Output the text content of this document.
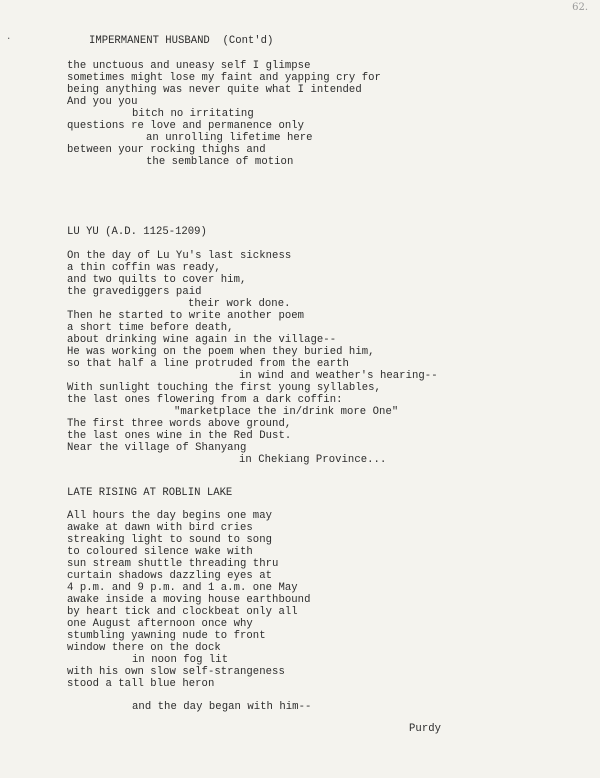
62.
·	IMPERMANENT HUSBAND  (Cont'd)
the unctuous and uneasy self I glimpse
sometimes might lose my faint and yapping cry for
being anything was never quite what I intended
And you you
bitch no irritating
questions re love and permanence only
an unrolling lifetime here
between your rocking thighs and
the semblance of motion
LU YU (A.D. 1125-1209)
On the day of Lu Yu's last sickness
a thin coffin was ready,
and two quilts to cover him,
the gravediggers paid
their work done.
Then he started to write another poem
a short time before death,
about drinking wine again in the village--
He was working on the poem when they buried him,
so that half a line protruded from the earth
in wind and weather's hearing--
With sunlight touching the first young syllables,
the last ones flowering from a dark coffin:
"marketplace the in/drink more One"
The first three words above ground,
the last ones wine in the Red Dust.
Near the village of Shanyang
in Chekiang Province...
LATE RISING AT ROBLIN LAKE
All hours the day begins one may
awake at dawn with bird cries
streaking light to sound to song
to coloured silence wake with
sun stream shuttle threading thru
curtain shadows dazzling eyes at
4 p.m. and 9 p.m. and 1 a.m. one May
awake inside a moving house earthbound
by heart tick and clockbeat only all
one August afternoon once why
stumbling yawning nude to front
window there on the dock
in noon fog lit
with his own slow self-strangeness
stood a tall blue heron
and the day began with him--
Purdy
